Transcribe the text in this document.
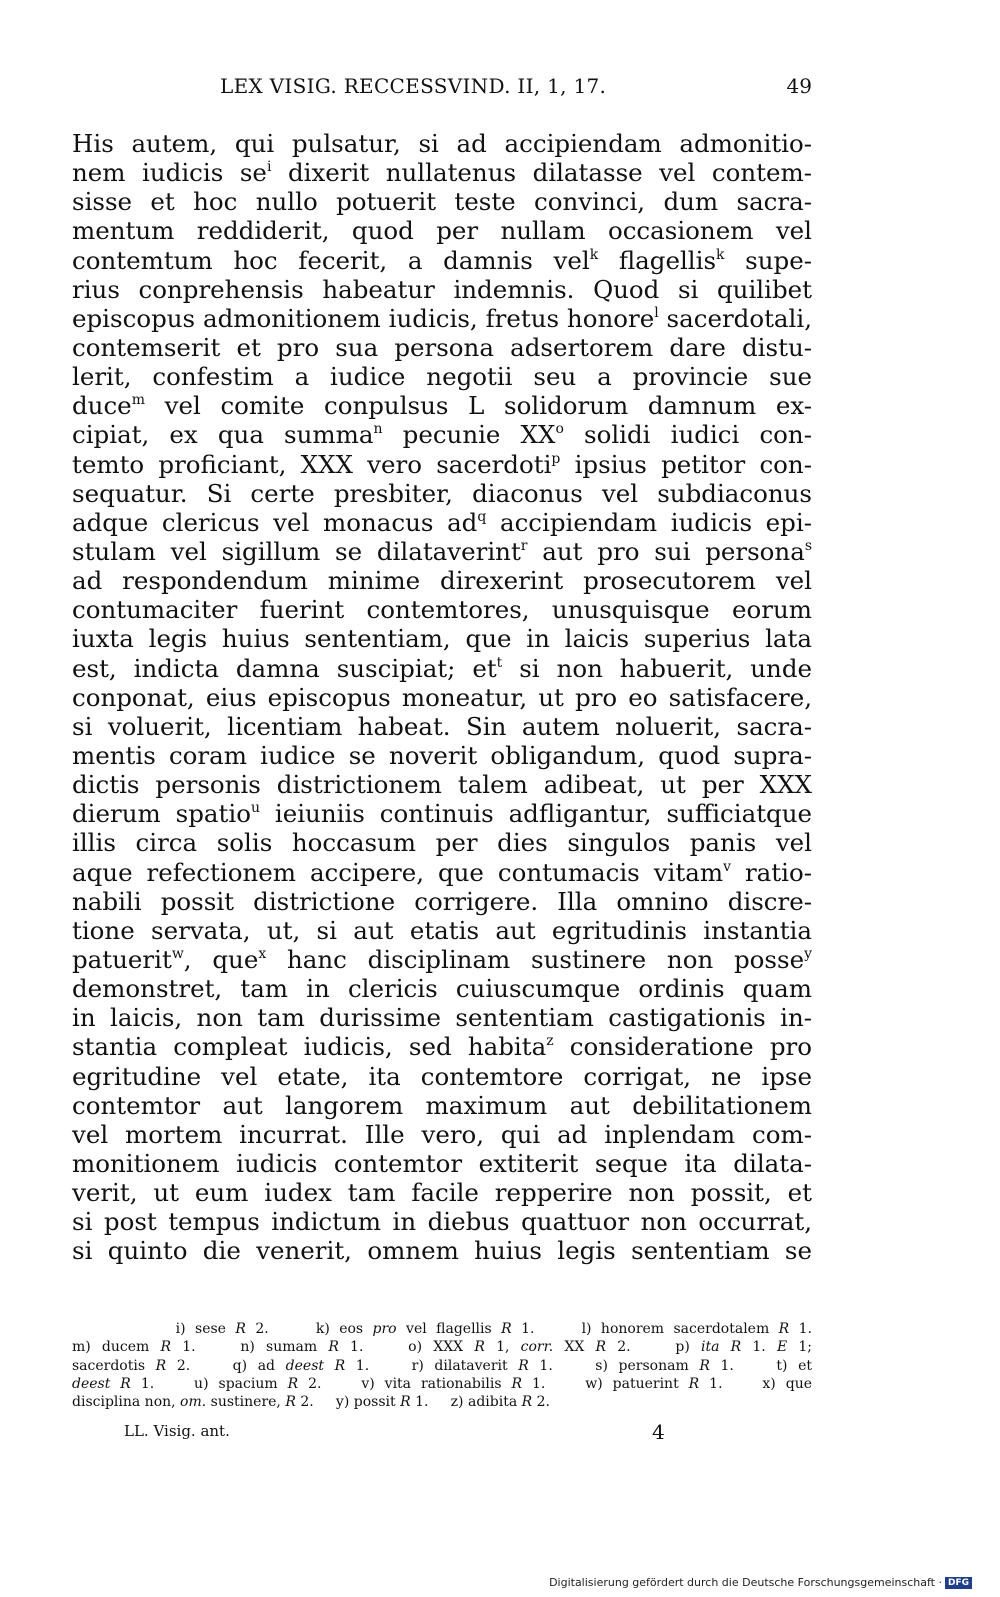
LEX VISIG. RECCESSVIND. II, 1, 17.	49
His autem, qui pulsatur, si ad accipiendam admonitio-
nem iudicis $se^i$ dixerit nullatenus dilatasse vel contem-
sisse et hoc nullo potuerit teste convinci, dum sacra-
mentum reddiderit, quod per nullam occasionem vel
contemtum hoc fecerit, a damnis vel$^k$ flagellis$^k$ supe-
rius conprehensis habeatur indemnis. Quod si quilibet
episcopus admonitionem iudicis, fretus honore$^l$ sacerdotali,
contemserit et pro sua persona adsertorem dare distu-
lerit, confestim a iudice negotii seu a provincie sue
duce$^m$ vel comite conpulsus L solidorum damnum ex-
cipiat, ex qua summa$^n$ pecunie $XX^o$ solidi iudici con-
temto proficiant, XXX vero sacerdoti$^p$ ipsius petitor con-
sequatur. Si certe presbiter, diaconus vel subdiaconus
adque clericus vel monacus $ad^q$ accipiendam iudicis epi-
stulam vel sigillum se dilataverint$^r$ aut pro sui persona$^s$
ad respondendum minime direxerint prosecutorem vel
contumaciter fuerint contemtores, unusquisque eorum
iuxta legis huius sententiam, que in laicis superius lata
est, indicta damna suscipiat; $et^t$ si non habuerit, unde
conponat, eius episcopus moneatur, ut pro eo satisfacere,
si voluerit, licentiam habeat. Sin autem noluerit, sacra-
mentis coram iudice se noverit obligandum, quod supra-
dictis personis districtionem talem adibeat, ut per XXX
dierum spatio$^u$ ieiuniis continuis adfligantur, sufficiatque
illis circa solis hoccasum per dies singulos panis vel
aque refectionem accipere, que contumacis vitam$^v$ ratio-
nabili possit districtione corrigere. Illa omnino discre-
tione servata, ut, si aut etatis aut egritudinis instantia
patuerit$^w$, que$^x$ hanc disciplinam sustinere non posse$^y$
demonstret, tam in clericis cuiuscumque ordinis quam
in laicis, non tam durissime sententiam castigationis in-
stantia compleat iudicis, sed habita$^z$ consideratione pro
egritudine vel etate, ita contemtore corrigat, ne ipse
contemtor aut langorem maximum aut debilitationem
vel mortem incurrat. Ille vero, qui ad inplendam com-
monitionem iudicis contemtor extiterit seque ita dilata-
verit, ut eum iudex tam facile repperire non possit, et
si post tempus indictum in diebus quattuor non occurrat,
si quinto die venerit, omnem huius legis sententiam se
i) sese R 2.     k) eos pro vel flagellis R 1.     l) honorem sacerdotalem R 1.
m) ducem R 1.    n) sumam R 1.    o) XXX R 1, corr. XX R 2.    p) ita R 1. E 1;
sacerdotis R 2.    q) ad deest R 1.    r) dilataverit R 1.    s) personam R 1.    t) et
deest R 1.    u) spacium R 2.    v) vita rationabilis R 1.    w) patuerint R 1.    x) que
disciplina non, om. sustinere, R 2.     y) possit R 1.     z) adibita R 2.
LL. Visig. ant.	4
Digitalisierung gefördert durch die Deutsche Forschungsgemeinschaft · DFG
